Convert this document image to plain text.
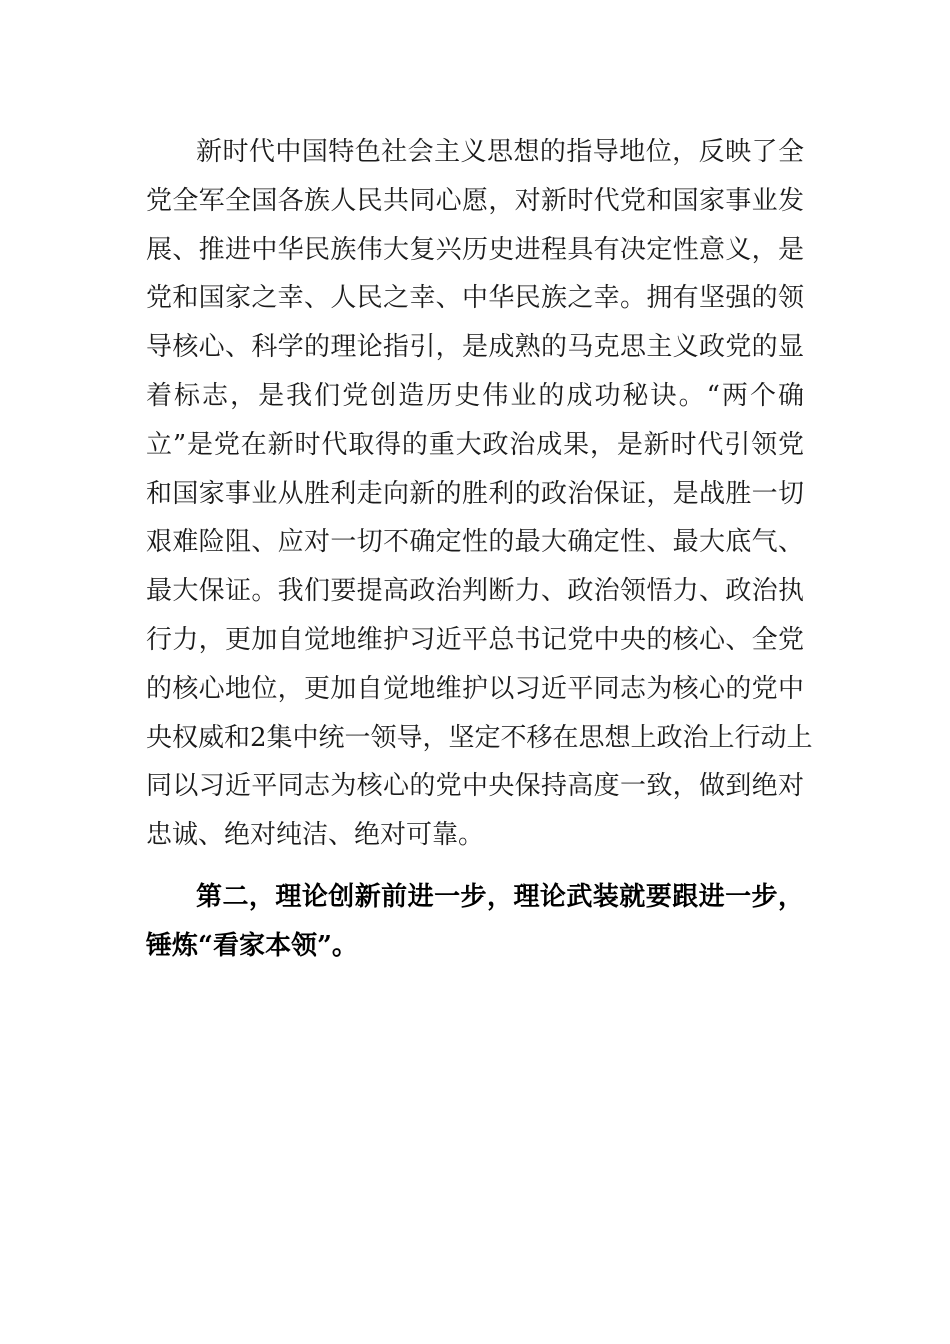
新时代中国特色社会主义思想的指导地位，反映了全
党全军全国各族人民共同心愿，对新时代党和国家事业发
展、推进中华民族伟大复兴历史进程具有决定性意义，是
党和国家之幸、人民之幸、中华民族之幸。拥有坚强的领
导核心、科学的理论指引，是成熟的马克思主义政党的显
着标志，是我们党创造历史伟业的成功秘诀。“两个确
立”是党在新时代取得的重大政治成果，是新时代引领党
和国家事业从胜利走向新的胜利的政治保证，是战胜一切
艰难险阻、应对一切不确定性的最大确定性、最大底气、
最大保证。我们要提高政治判断力、政治领悟力、政治执
行力，更加自觉地维护习近平总书记党中央的核心、全党
的核心地位，更加自觉地维护以习近平同志为核心的党中
央权威和2集中统一领导，坚定不移在思想上政治上行动上
同以习近平同志为核心的党中央保持高度一致，做到绝对
忠诚、绝对纯洁、绝对可靠。
第二，理论创新前进一步，理论武装就要跟进一步，
锤炼“看家本领”。
